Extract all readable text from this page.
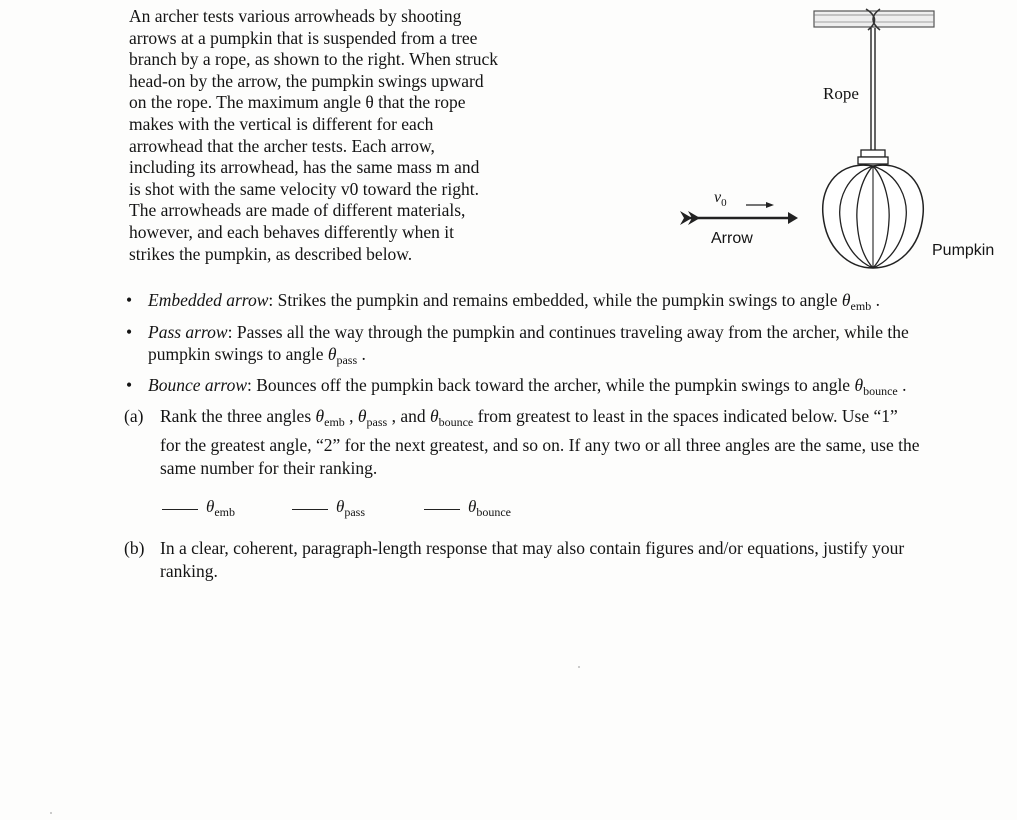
An archer tests various arrowheads by shooting
arrows at a pumpkin that is suspended from a tree
branch by a rope, as shown to the right. When struck
head-on by the arrow, the pumpkin swings upward
on the rope. The maximum angle θ that the rope
makes with the vertical is different for each
arrowhead that the archer tests. Each arrow,
including its arrowhead, has the same mass m and
is shot with the same velocity v0 toward the right.
The arrowheads are made of different materials,
however, and each behaves differently when it
strikes the pumpkin, as described below.
Rope
Arrow
Pumpkin
$v_0$
• Embedded arrow: Strikes the pumpkin and remains embedded, while the pumpkin swings to angle $\theta_{emb}$ .
• Pass arrow: Passes all the way through the pumpkin and continues traveling away from the archer, while the
pumpkin swings to angle $\theta_{pass}$ .
• Bounce arrow: Bounces off the pumpkin back toward the archer, while the pumpkin swings to angle $\theta_{bounce}$ .
(a) Rank the three angles $\theta_{emb}$ , $\theta_{pass}$ , and $\theta_{bounce}$ from greatest to least in the spaces indicated below. Use “1”
for the greatest angle, “2” for the next greatest, and so on. If any two or all three angles are the same, use the
same number for their ranking.
$\theta_{emb}$	$\theta_{pass}$	$\theta_{bounce}$
(b) In a clear, coherent, paragraph-length response that may also contain figures and/or equations, justify your
ranking.
